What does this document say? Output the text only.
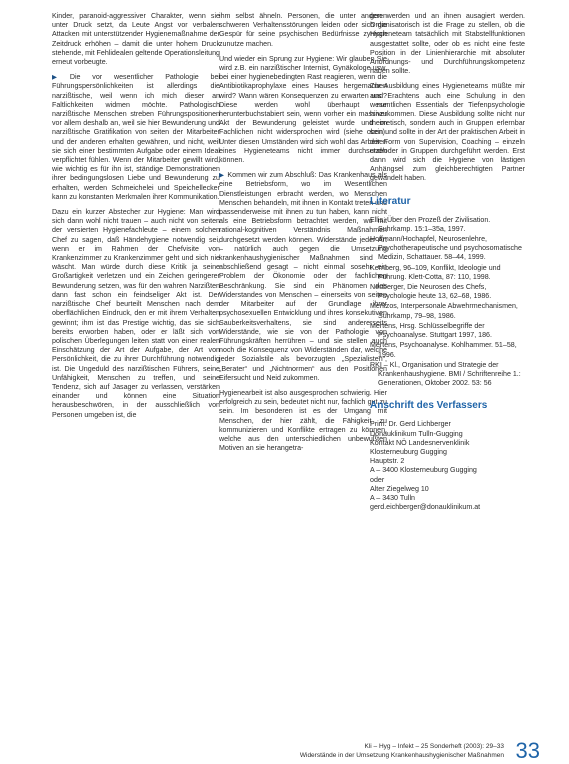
Kinder, paranoid-aggressiver Charakter, wenn sie unter Druck setzt, da Leute Angst vor verbalen Attacken mit unterstützender Hygienemaßnahme der Zeitdruck erhöhen – damit die unter hohem Druck stehende, mit Fehlidealen geltende Operationsleitung erneut vorbeugte.

▶ Die vor wesentlicher Pathologie bei Führungspersönlichkeiten ist allerdings die narzißtische, weil wenn ich mich dieser an Faltlichkeiten widmen möchte. Pathologisch narzißtische Menschen streben Führungspositionen vor allem deshalb an, weil sie hier Bewunderung und narzißtische Gratifikation von seiten der Mitarbeiter und der anderen erhalten gewähren, und nicht, weil sie sich einer bestimmten Aufgabe oder einem Ideal verpflichtet fühlen. Wenn der Mitarbeiter gewillt wird, wie wichtig es für ihn ist, ständige Demonstrationen ihrer bedingungslosen Liebe und Bewunderung zu erhalten, werden Schmeichelei und Speichellecker kann zu konstanten Merkmalen ihrer Kommunikation.

Dazu ein kurzer Abstecher zur Hygiene: Man wird sich dann wohl nicht trauen – auch nicht von seiten der versierten Hygienefachleute – einem solchen Chef zu sagen, daß Händehygiene notwendig sei, wenn er im Rahmen der Chefvisite von Krankenzimmer zu Krankenzimmer geht und sich nie wäscht. Man würde durch diese Kritik ja seine Großartigkeit verletzen und ein Zeichen geringerer Bewunderung setzen, was für den wahren Narzißten dann fast schon ein feindseliger Akt ist. Der narzißtische Chef beurteilt Menschen nach dem oberflächlichen Eindruck, den er mit ihrem Verhalten gewinnt; ihm ist das Prestige wichtig, das sie sich bereits erworben haben, oder er läßt sich von polischen Überlegungen leiten statt von einer realen Einschätzung der Art der Aufgabe, der Art von Persönlichkeit, die zu ihrer Durchführung notwendig ist. Die Ungeduld des narzißtischen Führers, seine Unfähigkeit, Menschen zu treffen, und seine Tendenz, sich auf Jasager zu verlassen, verstärken einander und können eine Situation herausbeschwören, in der ausschließlich von Personen umgeben ist, die

ihm selbst ähneln. Personen, die unter anderen schweren Verhaltensstörungen leiden oder sich die Gespür für seine psychischen Bedürfnisse zynisch zunutze machen.

Und wieder ein Sprung zur Hygiene: Wir glauben Sie wird z.B. ein narzißtischer Internist, Gynäkologe usw. bei einer hygienebedingten Rast reagieren, wenn die Antibiotikaprophylaxe eines Hauses hergemachen wird? Wann wären Konsequenzen zu erwarten und? Diese werden wohl überhaupt nur herunterbuchstabiert sein, wenn vorher ein massiver Akt der Bewunderung geleistet wurde und im Fachlichen nicht widersprochen wird (siehe oben). Unter diesen Umständen wird sich wohl das Arbeiten eines Hygieneteams nicht immer durchsetzen können.

▶ Kommen wir zum Abschluß: Das Krankenhaus als eine Betriebsform, wo im Wesentlichen Dienstleistungen erbracht werden, wo Menschen Menschen behandeln, mit ihnen in Kontakt treten und passenderweise mit ihnen zu tun haben, kann nicht als eine Betriebsform betrachtet werden, wo mit rational-kognitiven Verständnis Maßnahmen durchgesetzt werden können. Widerstände jeder Art – natürlich auch gegen die Umsetzung krankenhaushygienischer Maßnahmen sind – abschließend gesagt – nicht einmal sosehr ein Problem der Ökonomie oder der fachlichen Beschränkung. Sie sind ein Phänomen des Widerstandes von Menschen – einerseits von seiten der Mitarbeiter auf der Grundlage ihrer psychosexuellen Entwicklung und ihres konsekutiven Sauberkeitsverhaltens, sie sind andererseits Widerstände, wie sie von der Pathologie von Führungskräften herrühren – und sie stellen auch noch die Konsequenz von Widerständen dar, welche jeder Sozialstile als bevorzugten „Spezialisten“, „Berater“ und „Nichtnormen“ aus den Positionen Eifersucht und Neid zukommen.

Hygienearbeit ist also ausgesprochen schwierig. Hier erfolgreich zu sein, bedeutet nicht nur, fachlich gut zu sein. Im besonderen ist es der Umgang mit Menschen, der hier zählt, die Fähigkeit zu kommunizieren und Konflikte ertragen zu können, welche aus den unterschiedlichen unbewußten Motiven an sie herangetra-

gen werden und an ihnen ausagiert werden. Organisatorisch ist die Frage zu stellen, ob die Hygieneteam tatsächlich mit Stabstellfunktionen ausgestattet sollte, oder ob es nicht eine feste Position in der Linienhierarchie mit absoluter Anordnungs- und Durchführungskompetenz haben sollte.

Zur Ausbildung eines Hygieneteams müßte mir aus Erachtens auch eine Schulung in den wesentlichen Essentials der Tiefenpsychologie hinzukommen. Diese Ausbildung sollte nicht nur theoretisch, sondern auch in Gruppen erlernbar sein und sollte in der Art der praktischen Arbeit in der Form von Supervision, Coaching – einzeln und/oder in Gruppen durchgeführt werden. Erst dann wird sich die Hygiene von lästigen Anhängsel zum gleichberechtigten Partner gewandelt haben.

Literatur
Ellis, Über den Prozeß der Zivilisation. Suhrkamp. 15:1–35a, 1997.
Hoffmann/Hochapfel, Neurosenlehre, Psychotherapeutische und psychosomatische Medizin, Schattauer. 58–44, 1999.
Kernberg, 96–109, Konflikt, Ideologie und Führung. Klett-Cotta, 87: 110, 1998.
Neuberger, Die Neurosen des Chefs, Psychologie heute 13, 62–68, 1986.
Mentzos, Interpersonale Abwehrmechanismen, Suhrkamp, 79–98, 1986.
Mertens, Hrsg. Schlüsselbegriffe der Psychoanalyse. Stuttgart 1997, 186.
Mertens, Psychoanalyse. Kohlhammer. 51–58, 1996.
RKI – Kl., Organisation und Strategie der Krankenhaushygiene. BMI / Schriftenreihe 1.: Generationen, Oktober 2002. 53: 56
Anschrift des Verfassers
Prim. Dr. Gerd Lichberger
Donauklinikum Tulln-Gugging
Kontakt NÖ Landesnervenklinik
Klosterneuburg Gugging
Hauptstr. 2
A – 3400 Klosterneuburg Gugging
oder
Alter Ziegelweg 10
A – 3430 Tulln
gerd.eichberger@donauklinikum.at
Kli – Hyg – Infekt – 25 Sonderheft (2003): 29–33
Widerstände in der Umsetzung Krankenhaushygienischer Maßnahmen 33
